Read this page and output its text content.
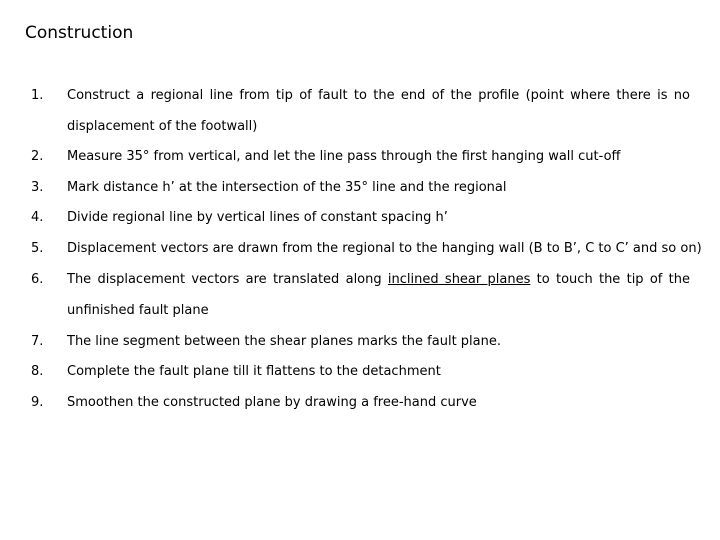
Construction
1. Construct a regional line from tip of fault to the end of the profile (point where there is no
displacement of the footwall)
2. Measure 35° from vertical, and let the line pass through the first hanging wall cut-off
3. Mark distance h’ at the intersection of the 35° line and the regional
4. Divide regional line by vertical lines of constant spacing h’
5. Displacement vectors are drawn from the regional to the hanging wall (B to B’, C to C’ and so on)
6. The displacement vectors are translated along inclined shear planes to touch the tip of the
unfinished fault plane
7. The line segment between the shear planes marks the fault plane.
8. Complete the fault plane till it flattens to the detachment
9. Smoothen the constructed plane by drawing a free-hand curve
